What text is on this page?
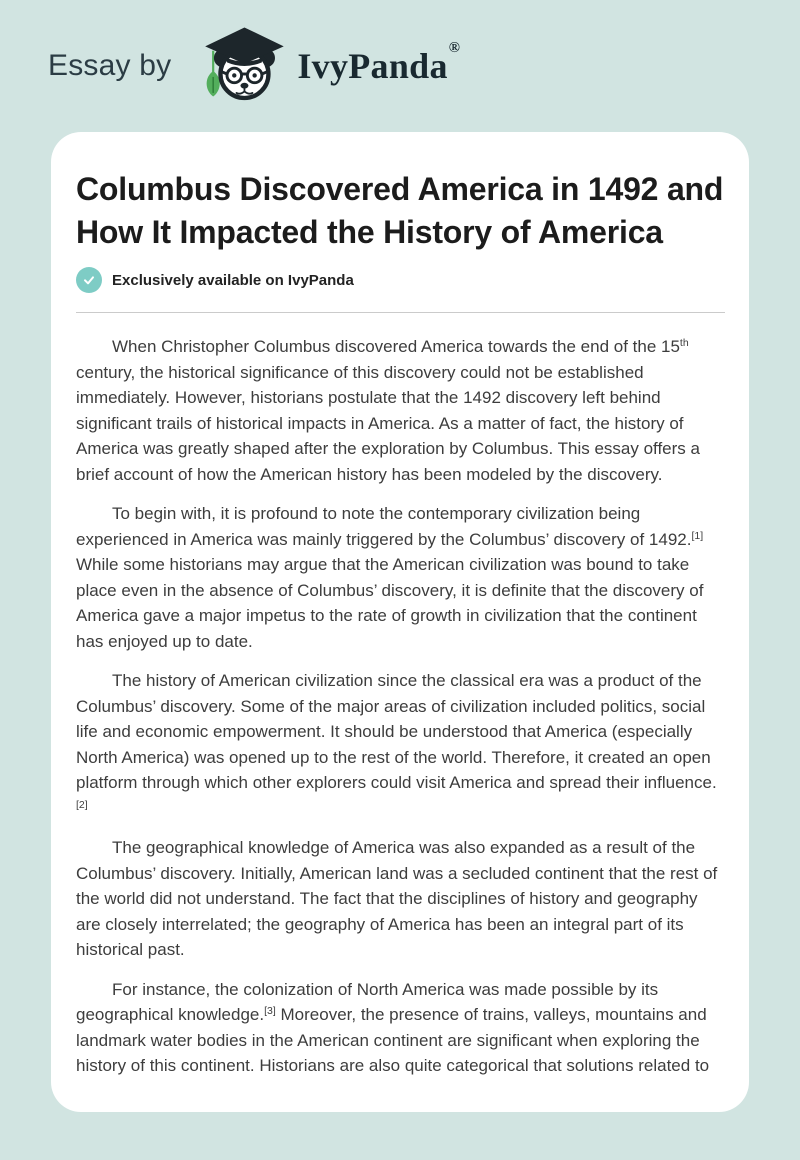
Essay by	IvyPanda®
Columbus Discovered America in 1492 and How It Impacted the History of America
Exclusively available on IvyPanda

When Christopher Columbus discovered America towards the end of the 15th century, the historical significance of this discovery could not be established immediately. However, historians postulate that the 1492 discovery left behind significant trails of historical impacts in America. As a matter of fact, the history of America was greatly shaped after the exploration by Columbus. This essay offers a brief account of how the American history has been modeled by the discovery.

To begin with, it is profound to note the contemporary civilization being experienced in America was mainly triggered by the Columbus’ discovery of 1492.[1] While some historians may argue that the American civilization was bound to take place even in the absence of Columbus’ discovery, it is definite that the discovery of America gave a major impetus to the rate of growth in civilization that the continent has enjoyed up to date.

The history of American civilization since the classical era was a product of the Columbus’ discovery. Some of the major areas of civilization included politics, social life and economic empowerment. It should be understood that America (especially North America) was opened up to the rest of the world. Therefore, it created an open platform through which other explorers could visit America and spread their influence.[2]

The geographical knowledge of America was also expanded as a result of the Columbus’ discovery. Initially, American land was a secluded continent that the rest of the world did not understand. The fact that the disciplines of history and geography are closely interrelated; the geography of America has been an integral part of its historical past.

For instance, the colonization of North America was made possible by its geographical knowledge.[3] Moreover, the presence of trains, valleys, mountains and landmark water bodies in the American continent are significant when exploring the history of this continent. Historians are also quite categorical that solutions related to
